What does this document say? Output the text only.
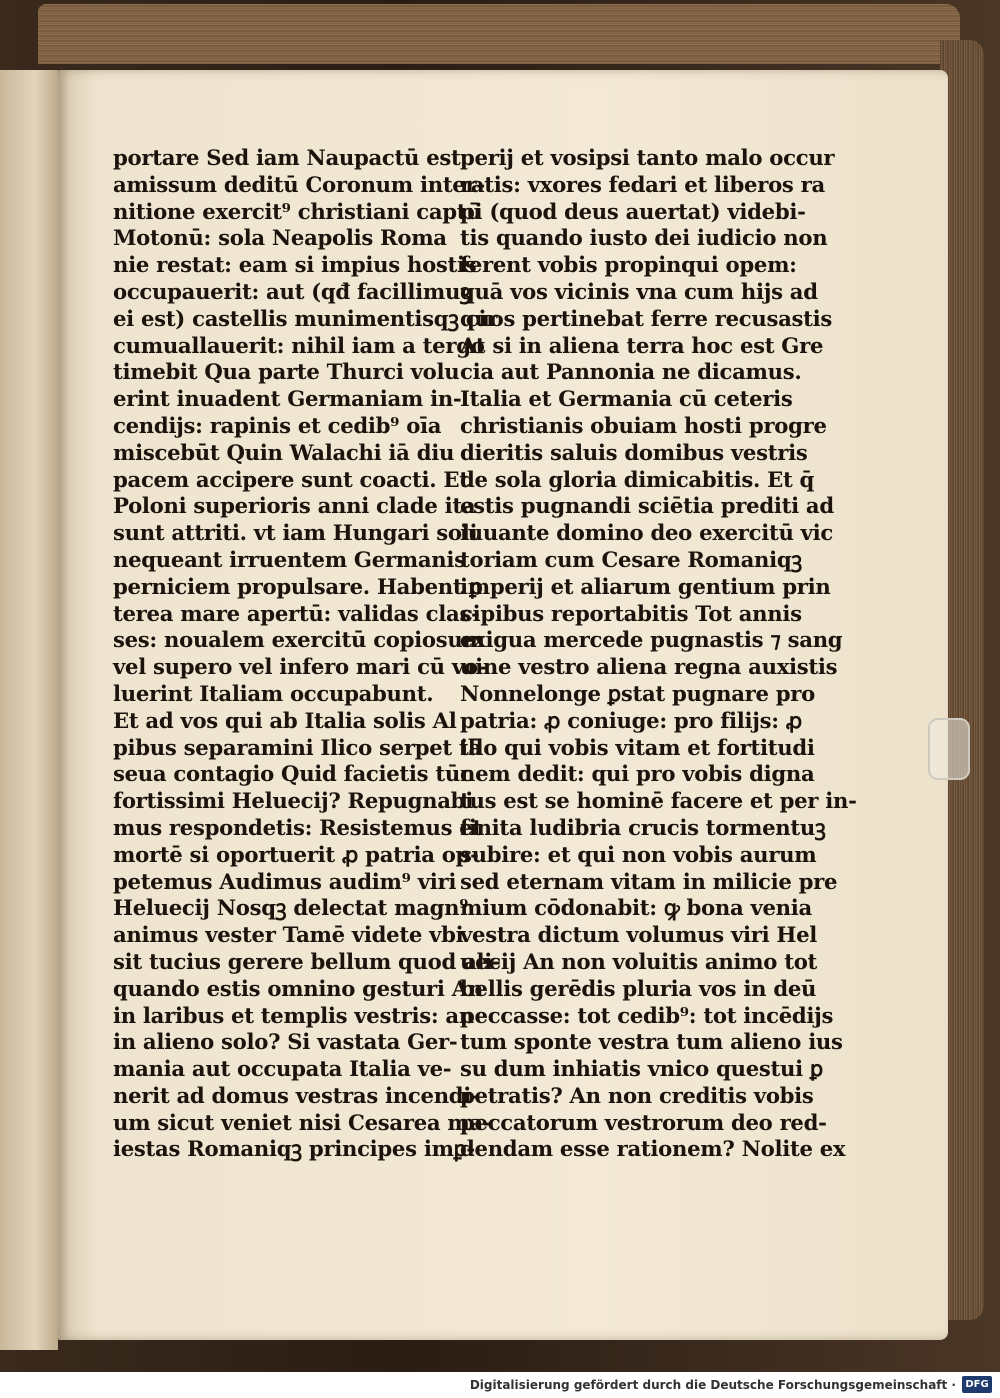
portare Sed iam Naupactū est
amissum deditū Coronum inter-
nitione exercit⁹ christiani captū
Motonū: sola Neapolis Roma
nie restat: eam si impius hostis
occupauerit: aut (qđ facillimuꝫ
ei est) castellis munimentisqꝫ cir
cumuallauerit: nihil iam a tergo
timebit Qua parte Thurci volu
erint inuadent Germaniam in-
cendijs: rapinis et cedib⁹ oīa
miscebūt Quin Walachi iā diu
pacem accipere sunt coacti. Et
Poloni superioris anni clade ita
sunt attriti. vt iam Hungari soli
nequeant irruentem Germanis
perniciem propulsare. Habent ꝑ
terea mare apertū: validas clas-
ses: noualem exercitū copiosum
vel supero vel infero mari cū vo-
luerint Italiam occupabunt.
Et ad vos qui ab Italia solis Al
pibus separamini Ilico serpet tā
seua contagio Quid facietis tūc
fortissimi Heluecij? Repugnabi
mus respondetis: Resistemus et
mortē si oportuerit ꝓ patria op-
petemus Audimus audim⁹ viri
Heluecij Nosqꝫ delectat magn⁹
animus vester Tamē videte vbi
sit tucius gerere bellum quod ali-
quando estis omnino gesturi An
in laribus et templis vestris: an
in alieno solo? Si vastata Ger-
mania aut occupata Italia ve-
nerit ad domus vestras incendi-
um sicut veniet nisi Cesarea ma-
iestas Romaniqꝫ principes imꝑ-
perij et vosipsi tanto malo occur
ratis: vxores fedari et liberos ra
pi (quod deus auertat) videbi-
tis quando iusto dei iudicio non
ferent vobis propinqui opem:
quā vos vicinis vna cum hijs ad
quos pertinebat ferre recusastis
At si in aliena terra hoc est Gre
cia aut Pannonia ne dicamus.
Italia et Germania cū ceteris
christianis obuiam hosti progre
dieritis saluis domibus vestris
de sola gloria dimicabitis. Et q̄
estis pugnandi sciētia prediti ad
iuuante domino deo exercitū vic
toriam cum Cesare Romaniqꝫ
imperij et aliarum gentium prin
cipibus reportabitis Tot annis
exigua mercede pugnastis ⁊ sang
uine vestro aliena regna auxistis
Nonnelonge ꝑstat pugnare pro
patria: ꝓ coniuge: pro filijs: ꝓ
illo qui vobis vitam et fortitudi
nem dedit: qui pro vobis digna
tus est se hominē facere et per in-
finita ludibria crucis tormentuꝫ
subire: et qui non vobis aurum
sed eternam vitam in milicie pre
mium cōdonabit: ꝙ bona venia
vestra dictum volumus viri Hel
uecij An non voluitis animo tot
bellis gerēdis pluria vos in deū
peccasse: tot cedib⁹: tot incēdijs
tum sponte vestra tum alieno ius
su dum inhiatis vnico questui ꝑ
petratis? An non creditis vobis
peccatorum vestrorum deo red-
dendam esse rationem? Nolite ex
Digitalisierung gefördert durch die Deutsche Forschungsgemeinschaft · DFG
